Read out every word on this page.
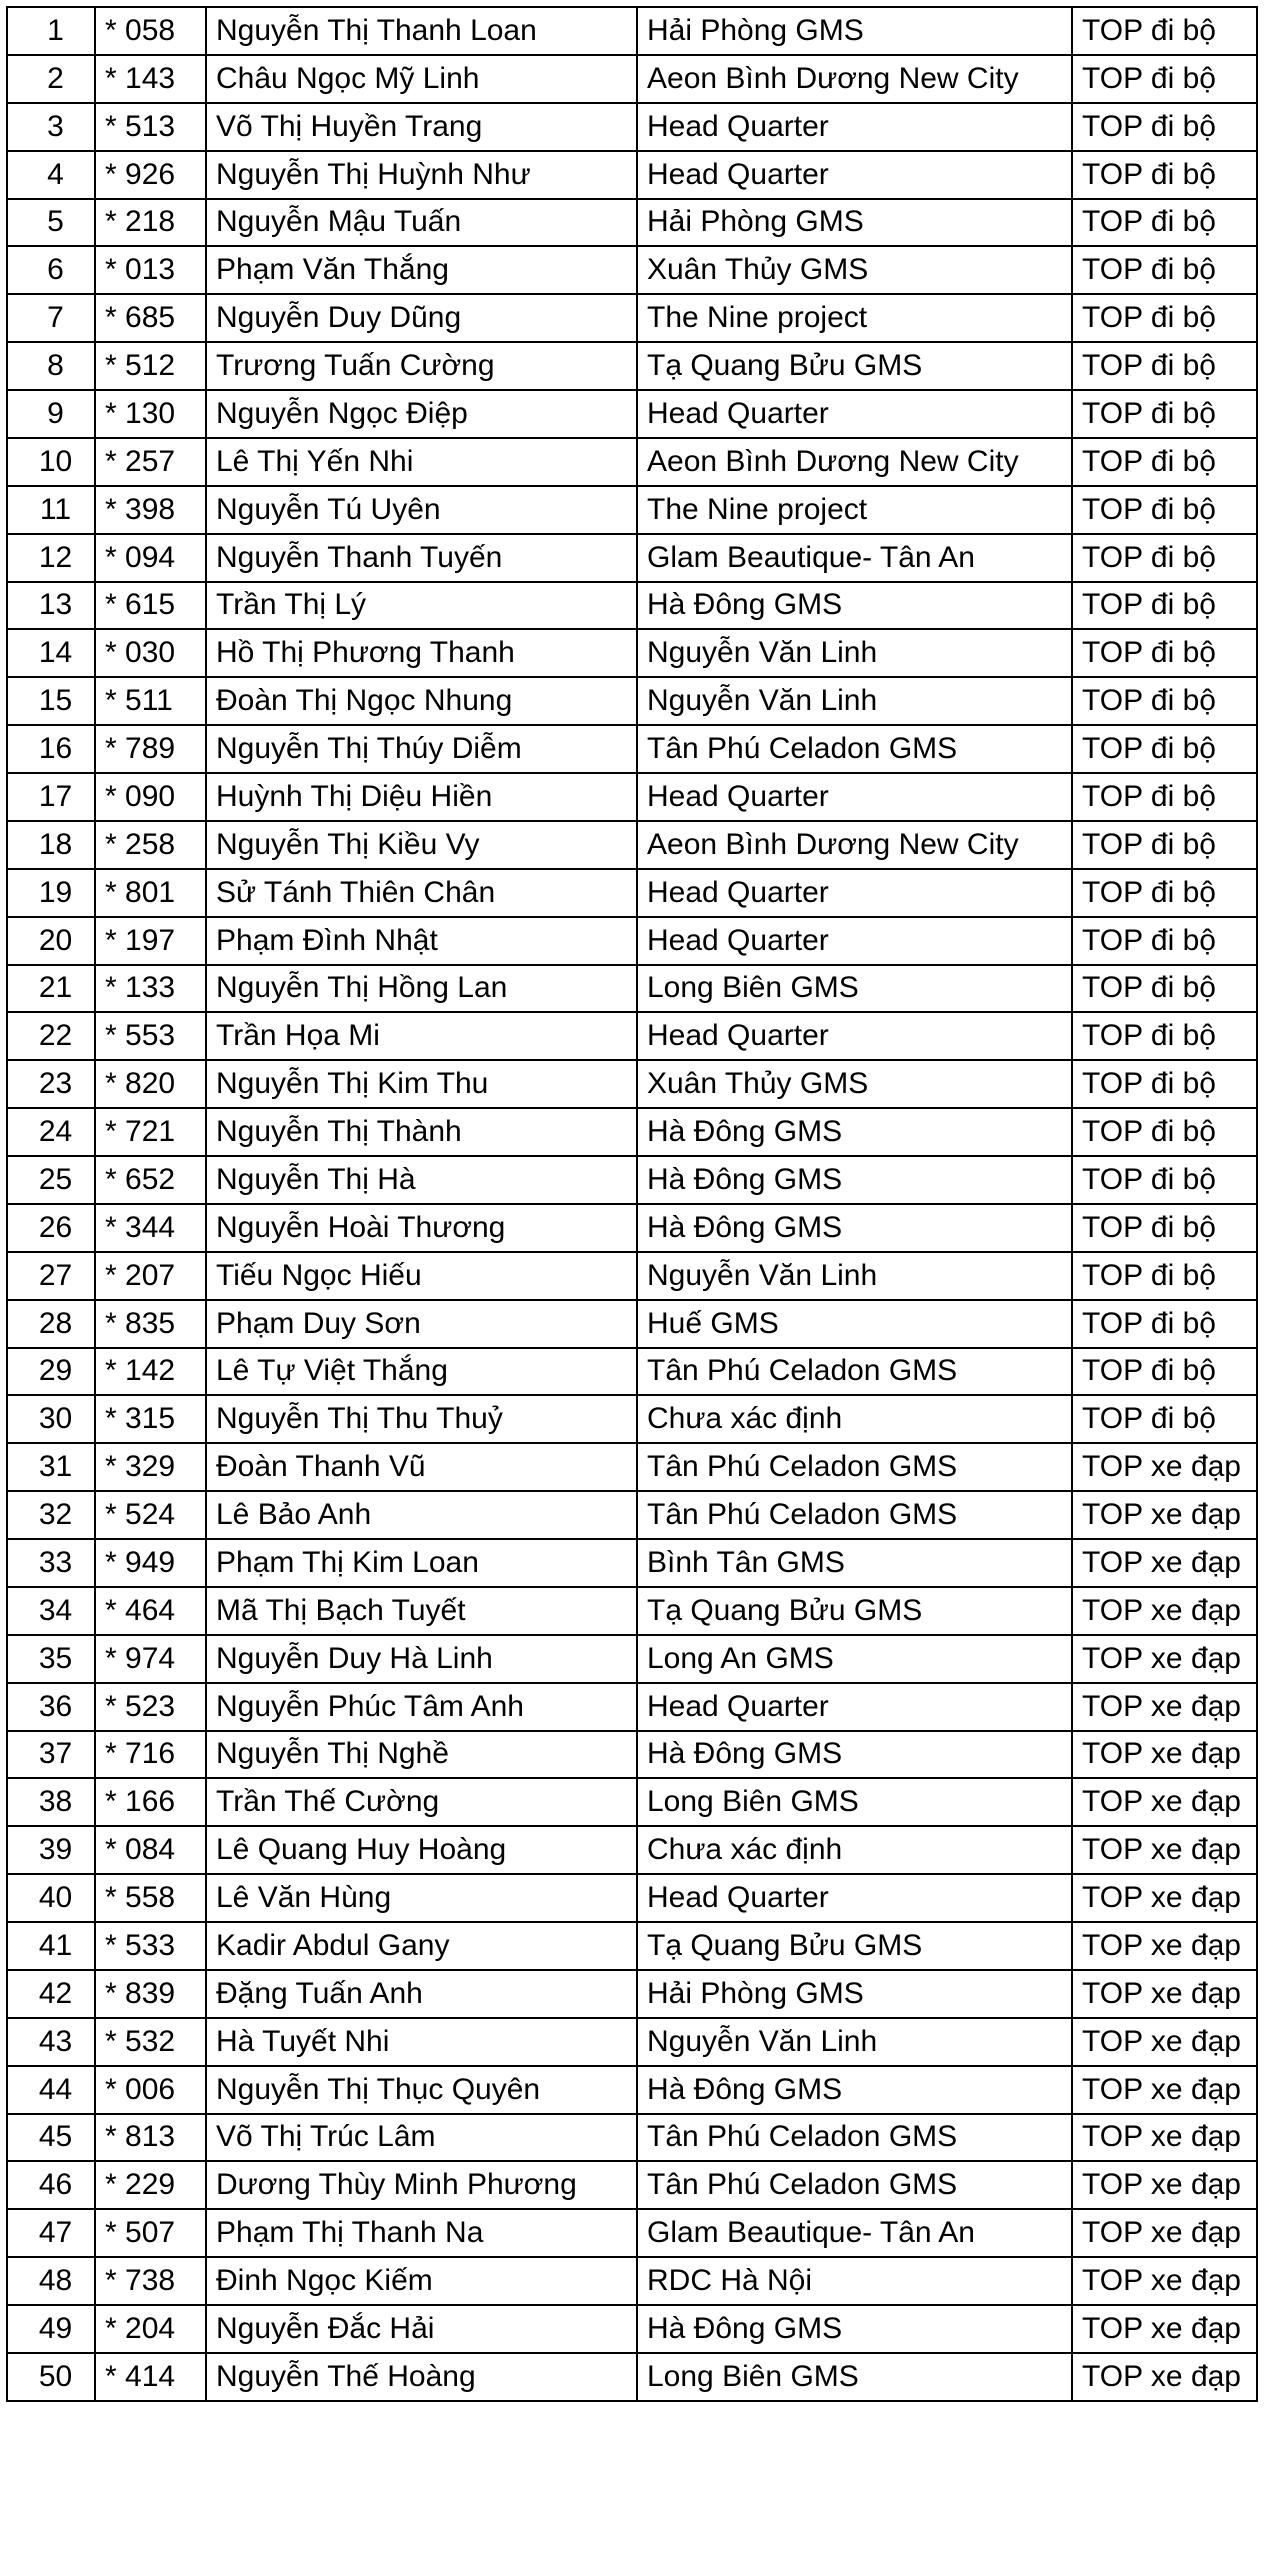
1	* 058	Nguyễn Thị Thanh Loan	Hải Phòng GMS	TOP đi bộ
2	* 143	Châu Ngọc Mỹ Linh	Aeon Bình Dương New City	TOP đi bộ
3	* 513	Võ Thị Huyền Trang	Head Quarter	TOP đi bộ
4	* 926	Nguyễn Thị Huỳnh Như	Head Quarter	TOP đi bộ
5	* 218	Nguyễn Mậu Tuấn	Hải Phòng GMS	TOP đi bộ
6	* 013	Phạm Văn Thắng	Xuân Thủy GMS	TOP đi bộ
7	* 685	Nguyễn Duy Dũng	The Nine project	TOP đi bộ
8	* 512	Trương Tuấn Cường	Tạ Quang Bửu GMS	TOP đi bộ
9	* 130	Nguyễn Ngọc Điệp	Head Quarter	TOP đi bộ
10	* 257	Lê Thị Yến Nhi	Aeon Bình Dương New City	TOP đi bộ
11	* 398	Nguyễn Tú Uyên	The Nine project	TOP đi bộ
12	* 094	Nguyễn Thanh Tuyến	Glam Beautique- Tân An	TOP đi bộ
13	* 615	Trần Thị Lý	Hà Đông GMS	TOP đi bộ
14	* 030	Hồ Thị Phương Thanh	Nguyễn Văn Linh	TOP đi bộ
15	* 511	Đoàn Thị Ngọc Nhung	Nguyễn Văn Linh	TOP đi bộ
16	* 789	Nguyễn Thị Thúy Diễm	Tân Phú Celadon GMS	TOP đi bộ
17	* 090	Huỳnh Thị Diệu Hiền	Head Quarter	TOP đi bộ
18	* 258	Nguyễn Thị Kiều Vy	Aeon Bình Dương New City	TOP đi bộ
19	* 801	Sử Tánh Thiên Chân	Head Quarter	TOP đi bộ
20	* 197	Phạm Đình Nhật	Head Quarter	TOP đi bộ
21	* 133	Nguyễn Thị Hồng Lan	Long Biên GMS	TOP đi bộ
22	* 553	Trần Họa Mi	Head Quarter	TOP đi bộ
23	* 820	Nguyễn Thị Kim Thu	Xuân Thủy GMS	TOP đi bộ
24	* 721	Nguyễn Thị Thành	Hà Đông GMS	TOP đi bộ
25	* 652	Nguyễn Thị Hà	Hà Đông GMS	TOP đi bộ
26	* 344	Nguyễn Hoài Thương	Hà Đông GMS	TOP đi bộ
27	* 207	Tiếu Ngọc Hiếu	Nguyễn Văn Linh	TOP đi bộ
28	* 835	Phạm Duy Sơn	Huế GMS	TOP đi bộ
29	* 142	Lê Tự Việt Thắng	Tân Phú Celadon GMS	TOP đi bộ
30	* 315	Nguyễn Thị Thu Thuỷ	Chưa xác định	TOP đi bộ
31	* 329	Đoàn Thanh Vũ	Tân Phú Celadon GMS	TOP xe đạp
32	* 524	Lê Bảo Anh	Tân Phú Celadon GMS	TOP xe đạp
33	* 949	Phạm Thị Kim Loan	Bình Tân GMS	TOP xe đạp
34	* 464	Mã Thị Bạch Tuyết	Tạ Quang Bửu GMS	TOP xe đạp
35	* 974	Nguyễn Duy Hà Linh	Long An GMS	TOP xe đạp
36	* 523	Nguyễn Phúc Tâm Anh	Head Quarter	TOP xe đạp
37	* 716	Nguyễn Thị Nghề	Hà Đông GMS	TOP xe đạp
38	* 166	Trần Thế Cường	Long Biên GMS	TOP xe đạp
39	* 084	Lê Quang Huy Hoàng	Chưa xác định	TOP xe đạp
40	* 558	Lê Văn Hùng	Head Quarter	TOP xe đạp
41	* 533	Kadir Abdul Gany	Tạ Quang Bửu GMS	TOP xe đạp
42	* 839	Đặng Tuấn Anh	Hải Phòng GMS	TOP xe đạp
43	* 532	Hà Tuyết Nhi	Nguyễn Văn Linh	TOP xe đạp
44	* 006	Nguyễn Thị Thục Quyên	Hà Đông GMS	TOP xe đạp
45	* 813	Võ Thị Trúc Lâm	Tân Phú Celadon GMS	TOP xe đạp
46	* 229	Dương Thùy Minh Phương	Tân Phú Celadon GMS	TOP xe đạp
47	* 507	Phạm Thị Thanh Na	Glam Beautique- Tân An	TOP xe đạp
48	* 738	Đinh Ngọc Kiếm	RDC Hà Nội	TOP xe đạp
49	* 204	Nguyễn Đắc Hải	Hà Đông GMS	TOP xe đạp
50	* 414	Nguyễn Thế Hoàng	Long Biên GMS	TOP xe đạp
